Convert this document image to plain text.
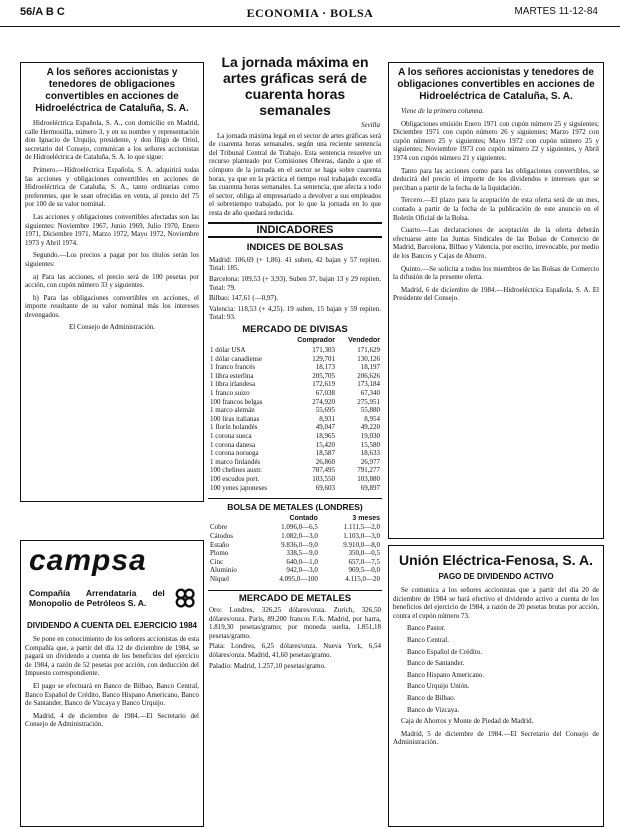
56/A B C	ECONOMIA · BOLSA	MARTES 11-12-84
A los señores accionistas y tenedores de obligaciones convertibles en acciones de Hidroeléctrica de Cataluña, S. A.
Hidroeléctrica Española, S. A., con domicilio en Madrid, calle Hermosilla, número 3, y en su nombre y representación don Ignacio de Urquijo, presidente, y don Íñigo de Oriol, secretario del Consejo, comunican a los señores accionistas de Hidroeléctrica de Cataluña, S. A. lo que sigue:
Primero.—Hidroeléctrica Española, S. A. adquirirá todas las acciones y obligaciones convertibles en acciones de Hidroeléctrica de Cataluña, S. A., tanto ordinarias como preferentes, que le sean ofrecidas en venta, al precio del 75 por 100 de su valor nominal.
Las acciones y obligaciones convertibles afectadas son las siguientes: Noviembre 1967, Junio 1969, Julio 1970, Enero 1971, Diciembre 1971, Marzo 1972, Mayo 1972, Noviembre 1973 y Abril 1974.
Segundo.—Los precios a pagar por los títulos serán los siguientes:
a) Para las acciones, el precio será de 100 pesetas por acción, con cupón número 33 y siguientes.
b) Para las obligaciones convertibles en acciones, el importe resultante de su valor nominal más los intereses devengados.
El Consejo de Administración.
campsa
Compañía Arrendataria del Monopolio de Petróleos S. A.
DIVIDENDO A CUENTA DEL EJERCICIO 1984
Se pone en conocimiento de los señores accionistas de esta Compañía que, a partir del día 12 de diciembre de 1984, se pagará un dividendo a cuenta de los beneficios del ejercicio de 1984, a razón de 52 pesetas por acción, con deducción del Impuesto correspondiente.
El pago se efectuará en Banco de Bilbao, Banco Central, Banco Español de Crédito, Banco Hispano Americano, Banco de Santander, Banco de Vizcaya y Banco Urquijo.
Madrid, 4 de diciembre de 1984.—El Secretario del Consejo de Administración.
La jornada máxima en artes gráficas será de cuarenta horas semanales
Sevilla
La jornada máxima legal en el sector de artes gráficas será de cuarenta horas semanales, según una reciente sentencia del Tribunal Central de Trabajo. Esta sentencia resuelve un recurso planteado por Comisiones Obreras, dando a que el cómputo de la jornada en el sector se haga sobre cuarenta horas, ya que en la práctica el tiempo real trabajado excedía las cuarenta horas semanales. La sentencia, que afecta a todo el sector, obliga al empresariado a devolver a sus empleados el sobretiempo trabajado, por lo que la jornada en lo que resta de año quedará reducida.
INDICADORES
INDICES DE BOLSAS
Madrid: 106,69 (+ 1,86). 41 suben, 42 bajan y 57 repiten. Total: 185.
Barcelona: 109,53 (+ 3,93). Suben 37, bajan 13 y 29 repiten. Total: 79.
Bilbao: 147,61 (—0,97).
Valencia: 118,53 (+ 4,25). 19 suben, 15 bajan y 59 repiten. Total: 93.
MERCADO DE DIVISAS
	Comprador	Vendedor
1 dólar USA	171,303	171,629
1 dólar canadiense	129,701	130,126
1 franco francés	18,173	18,197
1 libra esterlina	205,705	206,626
1 libra irlandesa	172,619	173,184
1 franco suizo	67,038	67,340
100 francos belgas	274,920	275,951
1 marco alemán	55,695	55,880
100 liras italianas	8,931	8,954
1 florín holandés	49,047	49,220
1 corona sueca	18,965	19,030
1 corona danesa	15,420	15,580
1 corona noruega	18,587	18,633
1 marco finlandés	26,860	26,977
100 chelines austr.	787,495	791,277
100 escudos port.	103,550	103,880
100 yenes japoneses	69,603	69,897
BOLSA DE METALES (LONDRES)
	Contado	3 meses
Cobre	1.096,0—6,5	1.111,5—2,0
Cátodos	1.082,0—3,0	1.103,0—3,0
Estaño	9.836,0—9,0	9.910,0—8,0
Plomo	338,5—9,0	350,0—0,5
Cinc	640,0—1,0	657,0—7,5
Aluminio	942,0—3,0	969,5—0,0
Níquel	4.095,0—100	4.115,0—20
MERCADO DE METALES
Oro: Londres, 326,25 dólares/onza. Zurich, 326,50 dólares/onza. París, 89.200 francos F./k. Madrid, por barra, 1.819,30 pesetas/gramo; por moneda suelta, 1.851,18 pesetas/gramo.
Plata: Londres, 6,25 dólares/onza. Nueva York, 6,54 dólares/onza. Madrid, 41,60 pesetas/gramo.
Paladio: Madrid, 1.257,10 pesetas/gramo.
A los señores accionistas y tenedores de obligaciones convertibles en acciones de Hidroeléctrica de Cataluña, S. A.
Viene de la primera columna.
Obligaciones emisión Enero 1971 con cupón número 25 y siguientes; Diciembre 1971 con cupón número 26 y siguientes; Marzo 1972 con cupón número 25 y siguientes; Mayo 1972 con cupón número 25 y siguientes; Noviembre 1973 con cupón número 22 y siguientes, y Abril 1974 con cupón número 21 y siguientes.
Tanto para las acciones como para las obligaciones convertibles, se deducirá del precio el importe de los dividendos e intereses que se perciban a partir de la fecha de la liquidación.
Tercero.—El plazo para la aceptación de esta oferta será de un mes, contado a partir de la fecha de la publicación de este anuncio en el Boletín Oficial de la Bolsa.
Cuarto.—Las declaraciones de aceptación de la oferta deberán efectuarse ante las Juntas Sindicales de las Bolsas de Comercio de Madrid, Barcelona, Bilbao y Valencia, por escrito, irrevocable, por medio de los Bancos y Cajas de Ahorro.
Quinto.—Se solicita a todos los miembros de las Bolsas de Comercio la difusión de la presente oferta.
Madrid, 6 de diciembre de 1984.—Hidroeléctrica Española, S. A. El Presidente del Consejo.
Unión Eléctrica-Fenosa, S. A.
PAGO DE DIVIDENDO ACTIVO
Se comunica a los señores accionistas que a partir del día 20 de diciembre de 1984 se hará efectivo el dividendo activo a cuenta de los beneficios del ejercicio de 1984, a razón de 20 pesetas brutas por acción, contra el cupón número 73.
Banco Pastor.
Banco Central.
Banco Español de Crédito.
Banco de Santander.
Banco Hispano Americano.
Banco Urquijo Unión.
Banco de Bilbao.
Banco de Vizcaya.
Caja de Ahorros y Monte de Piedad de Madrid.
Madrid, 5 de diciembre de 1984.—El Secretario del Consejo de Administración.
